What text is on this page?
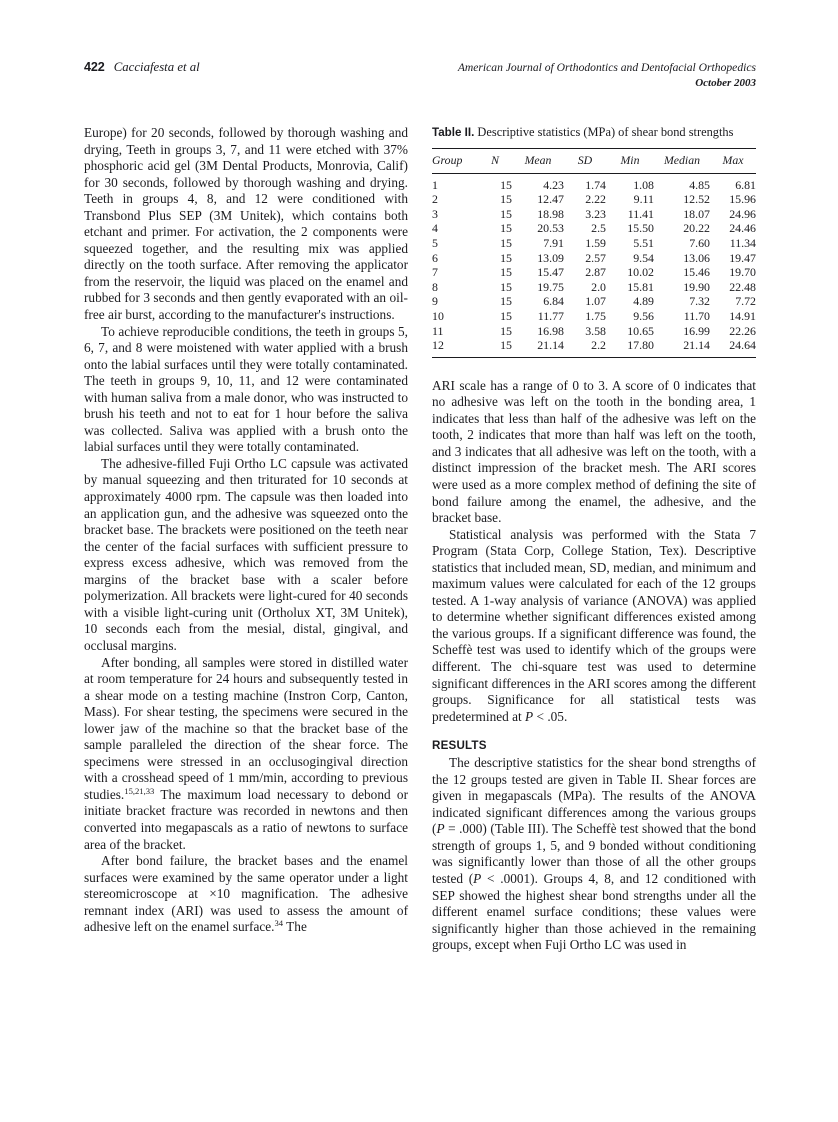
422 Cacciafesta et al	American Journal of Orthodontics and Dentofacial Orthopedics
October 2003

Europe) for 20 seconds, followed by thorough washing and drying, Teeth in groups 3, 7, and 11 were etched with 37% phosphoric acid gel (3M Dental Products, Monrovia, Calif) for 30 seconds, followed by thorough washing and drying. Teeth in groups 4, 8, and 12 were conditioned with Transbond Plus SEP (3M Unitek), which contains both etchant and primer. For activation, the 2 components were squeezed together, and the resulting mix was applied directly on the tooth surface. After removing the applicator from the reservoir, the liquid was placed on the enamel and rubbed for 3 seconds and then gently evaporated with an oil-free air burst, according to the manufacturer's instructions.

To achieve reproducible conditions, the teeth in groups 5, 6, 7, and 8 were moistened with water applied with a brush onto the labial surfaces until they were totally contaminated. The teeth in groups 9, 10, 11, and 12 were contaminated with human saliva from a male donor, who was instructed to brush his teeth and not to eat for 1 hour before the saliva was collected. Saliva was applied with a brush onto the labial surfaces until they were totally contaminated.

The adhesive-filled Fuji Ortho LC capsule was activated by manual squeezing and then triturated for 10 seconds at approximately 4000 rpm. The capsule was then loaded into an application gun, and the adhesive was squeezed onto the bracket base. The brackets were positioned on the teeth near the center of the facial surfaces with sufficient pressure to express excess adhesive, which was removed from the margins of the bracket base with a scaler before polymerization. All brackets were light-cured for 40 seconds with a visible light-curing unit (Ortholux XT, 3M Unitek), 10 seconds each from the mesial, distal, gingival, and occlusal margins.

After bonding, all samples were stored in distilled water at room temperature for 24 hours and subsequently tested in a shear mode on a testing machine (Instron Corp, Canton, Mass). For shear testing, the specimens were secured in the lower jaw of the machine so that the bracket base of the sample paralleled the direction of the shear force. The specimens were stressed in an occlusogingival direction with a crosshead speed of 1 mm/min, according to previous studies.$^{15,21,33}$ The maximum load necessary to debond or initiate bracket fracture was recorded in newtons and then converted into megapascals as a ratio of newtons to surface area of the bracket.

After bond failure, the bracket bases and the enamel surfaces were examined by the same operator under a light stereomicroscope at ×10 magnification. The adhesive remnant index (ARI) was used to assess the amount of adhesive left on the enamel surface.$^{34}$ The

Table II. Descriptive statistics (MPa) of shear bond strengths

Group	N	Mean	SD	Min	Median	Max
1	15	4.23	1.74	1.08	4.85	6.81
2	15	12.47	2.22	9.11	12.52	15.96
3	15	18.98	3.23	11.41	18.07	24.96
4	15	20.53	2.5	15.50	20.22	24.46
5	15	7.91	1.59	5.51	7.60	11.34
6	15	13.09	2.57	9.54	13.06	19.47
7	15	15.47	2.87	10.02	15.46	19.70
8	15	19.75	2.0	15.81	19.90	22.48
9	15	6.84	1.07	4.89	7.32	7.72
10	15	11.77	1.75	9.56	11.70	14.91
11	15	16.98	3.58	10.65	16.99	22.26
12	15	21.14	2.2	17.80	21.14	24.64

ARI scale has a range of 0 to 3. A score of 0 indicates that no adhesive was left on the tooth in the bonding area, 1 indicates that less than half of the adhesive was left on the tooth, 2 indicates that more than half was left on the tooth, and 3 indicates that all adhesive was left on the tooth, with a distinct impression of the bracket mesh. The ARI scores were used as a more complex method of defining the site of bond failure among the enamel, the adhesive, and the bracket base.

Statistical analysis was performed with the Stata 7 Program (Stata Corp, College Station, Tex). Descriptive statistics that included mean, SD, median, and minimum and maximum values were calculated for each of the 12 groups tested. A 1-way analysis of variance (ANOVA) was applied to determine whether significant differences existed among the various groups. If a significant difference was found, the Scheffè test was used to identify which of the groups were different. The chi-square test was used to determine significant differences in the ARI scores among the different groups. Significance for all statistical tests was predetermined at P < .05.

RESULTS

The descriptive statistics for the shear bond strengths of the 12 groups tested are given in Table II. Shear forces are given in megapascals (MPa). The results of the ANOVA indicated significant differences among the various groups (P = .000) (Table III). The Scheffè test showed that the bond strength of groups 1, 5, and 9 bonded without conditioning was significantly lower than those of all the other groups tested (P < .0001). Groups 4, 8, and 12 conditioned with SEP showed the highest shear bond strengths under all the different enamel surface conditions; these values were significantly higher than those achieved in the remaining groups, except when Fuji Ortho LC was used in
